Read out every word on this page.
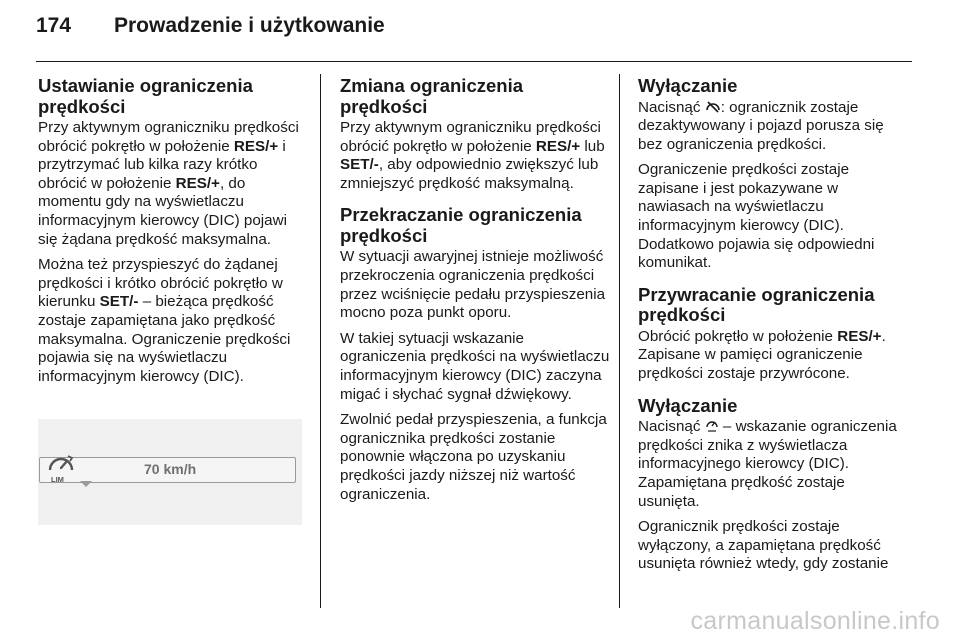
174	Prowadzenie i użytkowanie
Ustawianie ograniczenia prędkości

Przy aktywnym ograniczniku prędkości obrócić pokrętło w położenie RES/+ i przytrzymać lub kilka razy krótko obrócić w położenie RES/+, do momentu gdy na wyświetlaczu informacyjnym kierowcy (DIC) pojawi się żądana prędkość maksymalna.

Można też przyspieszyć do żądanej prędkości i krótko obrócić pokrętło w kierunku SET/- – bieżąca prędkość zostaje zapamiętana jako prędkość maksymalna. Ograniczenie prędkości pojawia się na wyświetlaczu informacyjnym kierowcy (DIC).

LIM
70 km/h
Zmiana ograniczenia prędkości

Przy aktywnym ograniczniku prędkości obrócić pokrętło w położenie RES/+ lub SET/-, aby odpowiednio zwiększyć lub zmniejszyć prędkość maksymalną.

Przekraczanie ograniczenia prędkości

W sytuacji awaryjnej istnieje możliwość przekroczenia ograniczenia prędkości przez wciśnięcie pedału przyspieszenia mocno poza punkt oporu.

W takiej sytuacji wskazanie ograniczenia prędkości na wyświetlaczu informacyjnym kierowcy (DIC) zaczyna migać i słychać sygnał dźwiękowy.

Zwolnić pedał przyspieszenia, a funkcja ogranicznika prędkości zostanie ponownie włączona po uzyskaniu prędkości jazdy niższej niż wartość ograniczenia.

Wyłączanie

Nacisnąć : ogranicznik zostaje dezaktywowany i pojazd porusza się bez ograniczenia prędkości.

Ograniczenie prędkości zostaje zapisane i jest pokazywane w nawiasach na wyświetlaczu informacyjnym kierowcy (DIC). Dodatkowo pojawia się odpowiedni komunikat.

Przywracanie ograniczenia prędkości

Obrócić pokrętło w położenie RES/+. Zapisane w pamięci ograniczenie prędkości zostaje przywrócone.

Wyłączanie

Nacisnąć  – wskazanie ograniczenia prędkości znika z wyświetlacza informacyjnego kierowcy (DIC). Zapamiętana prędkość zostaje usunięta.

Ogranicznik prędkości zostaje wyłączony, a zapamiętana prędkość usunięta również wtedy, gdy zostanie

carmanualsonline.info
